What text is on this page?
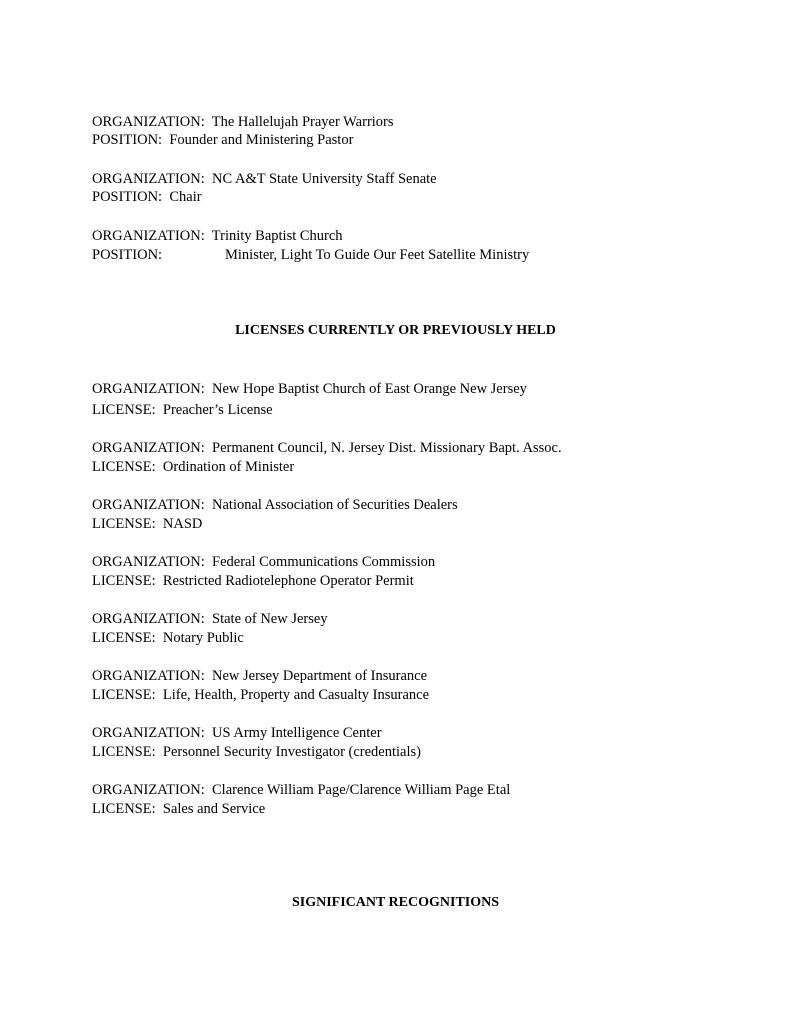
ORGANIZATION: The Hallelujah Prayer Warriors
POSITION: Founder and Ministering Pastor
ORGANIZATION: NC A&T State University Staff Senate
POSITION: Chair
ORGANIZATION: Trinity Baptist Church
POSITION:	Minister, Light To Guide Our Feet Satellite Ministry
LICENSES CURRENTLY OR PREVIOUSLY HELD
ORGANIZATION: New Hope Baptist Church of East Orange New Jersey
LICENSE: Preacher’s License
ORGANIZATION: Permanent Council, N. Jersey Dist. Missionary Bapt. Assoc.
LICENSE: Ordination of Minister
ORGANIZATION: National Association of Securities Dealers
LICENSE: NASD
ORGANIZATION: Federal Communications Commission
LICENSE: Restricted Radiotelephone Operator Permit
ORGANIZATION: State of New Jersey
LICENSE: Notary Public
ORGANIZATION: New Jersey Department of Insurance
LICENSE: Life, Health, Property and Casualty Insurance
ORGANIZATION: US Army Intelligence Center
LICENSE: Personnel Security Investigator (credentials)
ORGANIZATION: Clarence William Page/Clarence William Page Etal
LICENSE: Sales and Service
SIGNIFICANT RECOGNITIONS
